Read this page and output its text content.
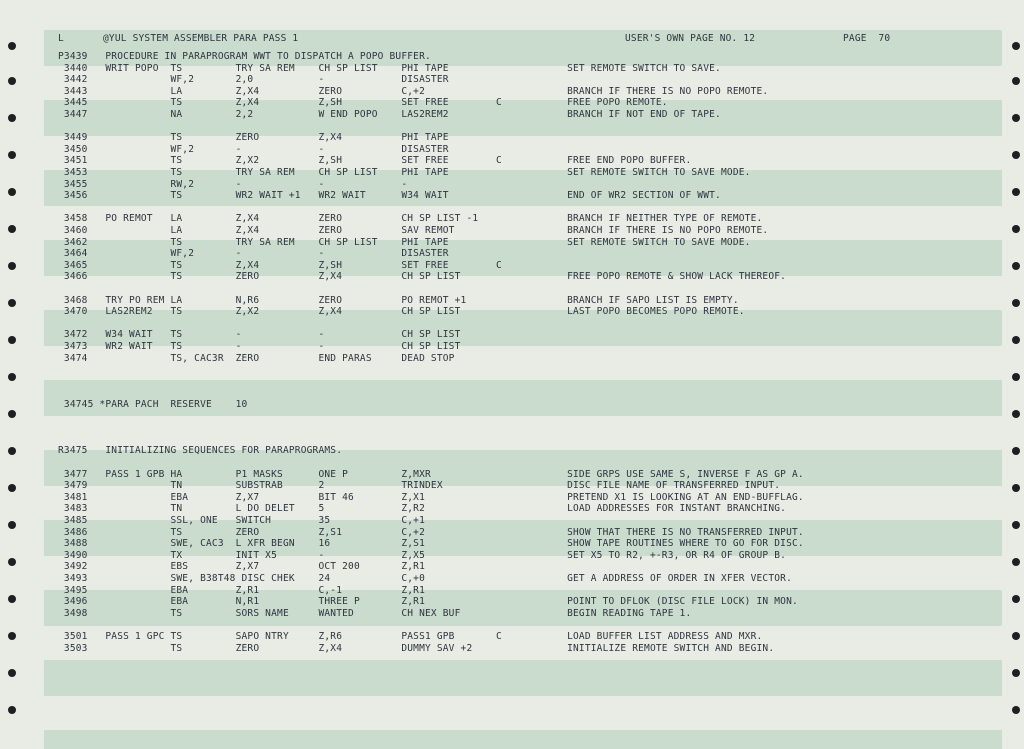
L	@YUL SYSTEM ASSEMBLER PARA PASS 1	USER'S OWN PAGE NO. 12	PAGE  70
P3439   PROCEDURE IN PARAPROGRAM WWT TO DISPATCH A POPO BUFFER.
3440   WRIT POPO  TS         TRY SA REM    CH SP LIST    PHI TAPE                    SET REMOTE SWITCH TO SAVE.
3442              WF,2       2,0           -             DISASTER
3443              LA         Z,X4          ZERO          C,+2                        BRANCH IF THERE IS NO POPO REMOTE.
3445              TS         Z,X4          Z,SH          SET FREE        C           FREE POPO REMOTE.
3447              NA         2,2           W END POPO    LAS2REM2                    BRANCH IF NOT END OF TAPE.
3449              TS         ZERO          Z,X4          PHI TAPE
3450              WF,2       -             -             DISASTER
3451              TS         Z,X2          Z,SH          SET FREE        C           FREE END POPO BUFFER.
3453              TS         TRY SA REM    CH SP LIST    PHI TAPE                    SET REMOTE SWITCH TO SAVE MODE.
3455              RW,2       -             -             -
3456              TS         WR2 WAIT +1   WR2 WAIT      W34 WAIT                    END OF WR2 SECTION OF WWT.
3458   PO REMOT   LA         Z,X4          ZERO          CH SP LIST -1               BRANCH IF NEITHER TYPE OF REMOTE.
3460              LA         Z,X4          ZERO          SAV REMOT                   BRANCH IF THERE IS NO POPO REMOTE.
3462              TS         TRY SA REM    CH SP LIST    PHI TAPE                    SET REMOTE SWITCH TO SAVE MODE.
3464              WF,2       -             -             DISASTER
3465              TS         Z,X4          Z,SH          SET FREE        C
3466              TS         ZERO          Z,X4          CH SP LIST                  FREE POPO REMOTE & SHOW LACK THEREOF.
3468   TRY PO REM LA         N,R6          ZERO          PO REMOT +1                 BRANCH IF SAPO LIST IS EMPTY.
3470   LAS2REM2   TS         Z,X2          Z,X4          CH SP LIST                  LAST POPO BECOMES POPO REMOTE.
3472   W34 WAIT   TS         -             -             CH SP LIST
3473   WR2 WAIT   TS         -             -             CH SP LIST
3474              TS, CAC3R  ZERO          END PARAS     DEAD STOP
34745 *PARA PACH  RESERVE    10
R3475   INITIALIZING SEQUENCES FOR PARAPROGRAMS.
3477   PASS 1 GPB HA         P1 MASKS      ONE P         Z,MXR                       SIDE GRPS USE SAME S, INVERSE F AS GP A.
3479              TN         SUBSTRAB      2             TRINDEX                     DISC FILE NAME OF TRANSFERRED INPUT.
3481              EBA        Z,X7          BIT 46        Z,X1                        PRETEND X1 IS LOOKING AT AN END-BUFFLAG.
3483              TN         L DO DELET    5             Z,R2                        LOAD ADDRESSES FOR INSTANT BRANCHING.
3485              SSL, ONE   SWITCH        35            C,+1
3486              TS         ZERO          Z,S1          C,+2                        SHOW THAT THERE IS NO TRANSFERRED INPUT.
3488              SWE, CAC3  L XFR BEGN    16            Z,S1                        SHOW TAPE ROUTINES WHERE TO GO FOR DISC.
3490              TX         INIT X5       -             Z,X5                        SET X5 TO R2, +-R3, OR R4 OF GROUP B.
3492              EBS        Z,X7          OCT 200       Z,R1
3493              SWE, B38T48 DISC CHEK    24            C,+0                        GET A ADDRESS OF ORDER IN XFER VECTOR.
3495              EBA        Z,R1          C,-1          Z,R1
3496              EBA        N,R1          THREE P       Z,R1                        POINT TO DFLOK (DISC FILE LOCK) IN MON.
3498              TS         SORS NAME     WANTED        CH NEX BUF                  BEGIN READING TAPE 1.
3501   PASS 1 GPC TS         SAPO NTRY     Z,R6          PASS1 GPB       C           LOAD BUFFER LIST ADDRESS AND MXR.
3503              TS         ZERO          Z,X4          DUMMY SAV +2                INITIALIZE REMOTE SWITCH AND BEGIN.
